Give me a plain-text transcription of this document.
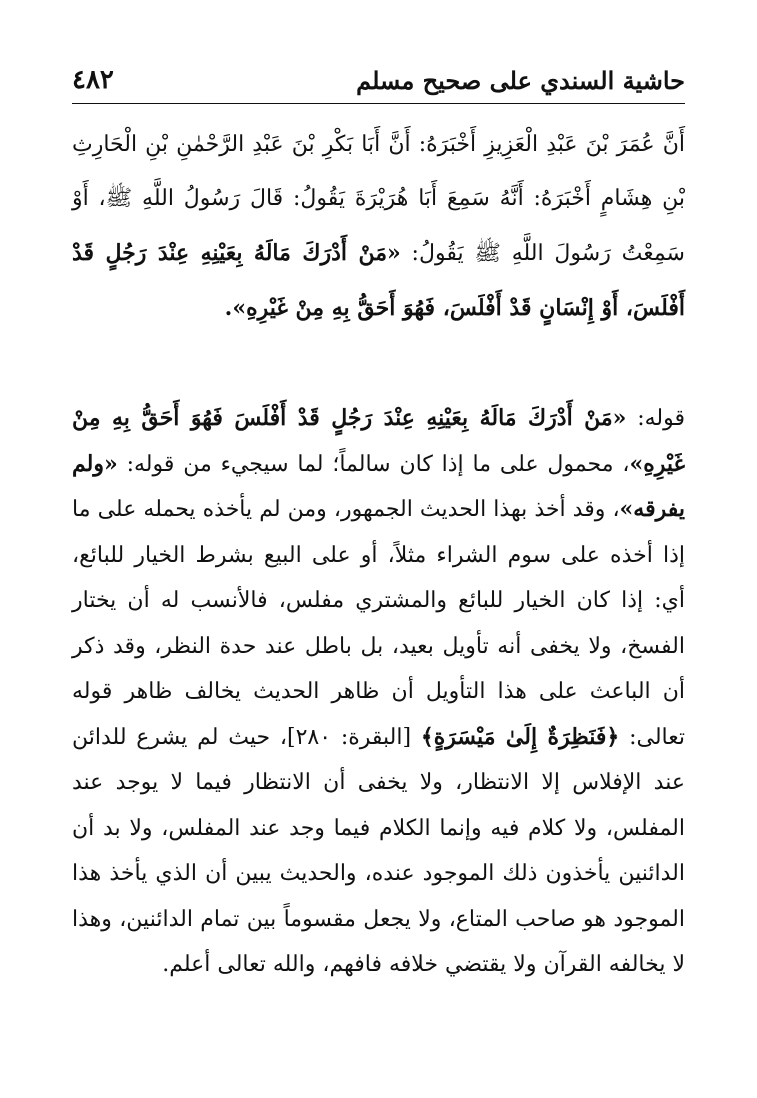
حاشية السندي على صحيح مسلم
٤٨٢

أَنَّ عُمَرَ بْنَ عَبْدِ الْعَزِيزِ أَخْبَرَهُ: أَنَّ أَبَا بَكْرِ بْنَ عَبْدِ الرَّحْمٰنِ بْنِ الْحَارِثِ بْنِ هِشَامٍ أَخْبَرَهُ: أَنَّهُ سَمِعَ أَبَا هُرَيْرَةَ يَقُولُ: قَالَ رَسُولُ اللَّهِ ﷺ، أَوْ سَمِعْتُ رَسُولَ اللَّهِ ﷺ يَقُولُ: «مَنْ أَدْرَكَ مَالَهُ بِعَيْنِهِ عِنْدَ رَجُلٍ قَدْ أَفْلَسَ، أَوْ إِنْسَانٍ قَدْ أَفْلَسَ، فَهُوَ أَحَقُّ بِهِ مِنْ غَيْرِهِ».

قوله: «مَنْ أَدْرَكَ مَالَهُ بِعَيْنِهِ عِنْدَ رَجُلٍ قَدْ أَفْلَسَ فَهُوَ أَحَقُّ بِهِ مِنْ غَيْرِهِ»، محمول على ما إذا كان سالماً؛ لما سيجيء من قوله: «ولم يفرقه»، وقد أخذ بهذا الحديث الجمهور، ومن لم يأخذه يحمله على ما إذا أخذه على سوم الشراء مثلاً، أو على البيع بشرط الخيار للبائع، أي: إذا كان الخيار للبائع والمشتري مفلس، فالأنسب له أن يختار الفسخ، ولا يخفى أنه تأويل بعيد، بل باطل عند حدة النظر، وقد ذكر أن الباعث على هذا التأويل أن ظاهر الحديث يخالف ظاهر قوله تعالى: ﴿فَنَظِرَةٌ إِلَىٰ مَيْسَرَةٍ﴾ [البقرة: ٢٨٠]، حيث لم يشرع للدائن عند الإفلاس إلا الانتظار، ولا يخفى أن الانتظار فيما لا يوجد عند المفلس، ولا كلام فيه وإنما الكلام فيما وجد عند المفلس، ولا بد أن الدائنين يأخذون ذلك الموجود عنده، والحديث يبين أن الذي يأخذ هذا الموجود هو صاحب المتاع، ولا يجعل مقسوماً بين تمام الدائنين، وهذا لا يخالفه القرآن ولا يقتضي خلافه فافهم، والله تعالى أعلم.
